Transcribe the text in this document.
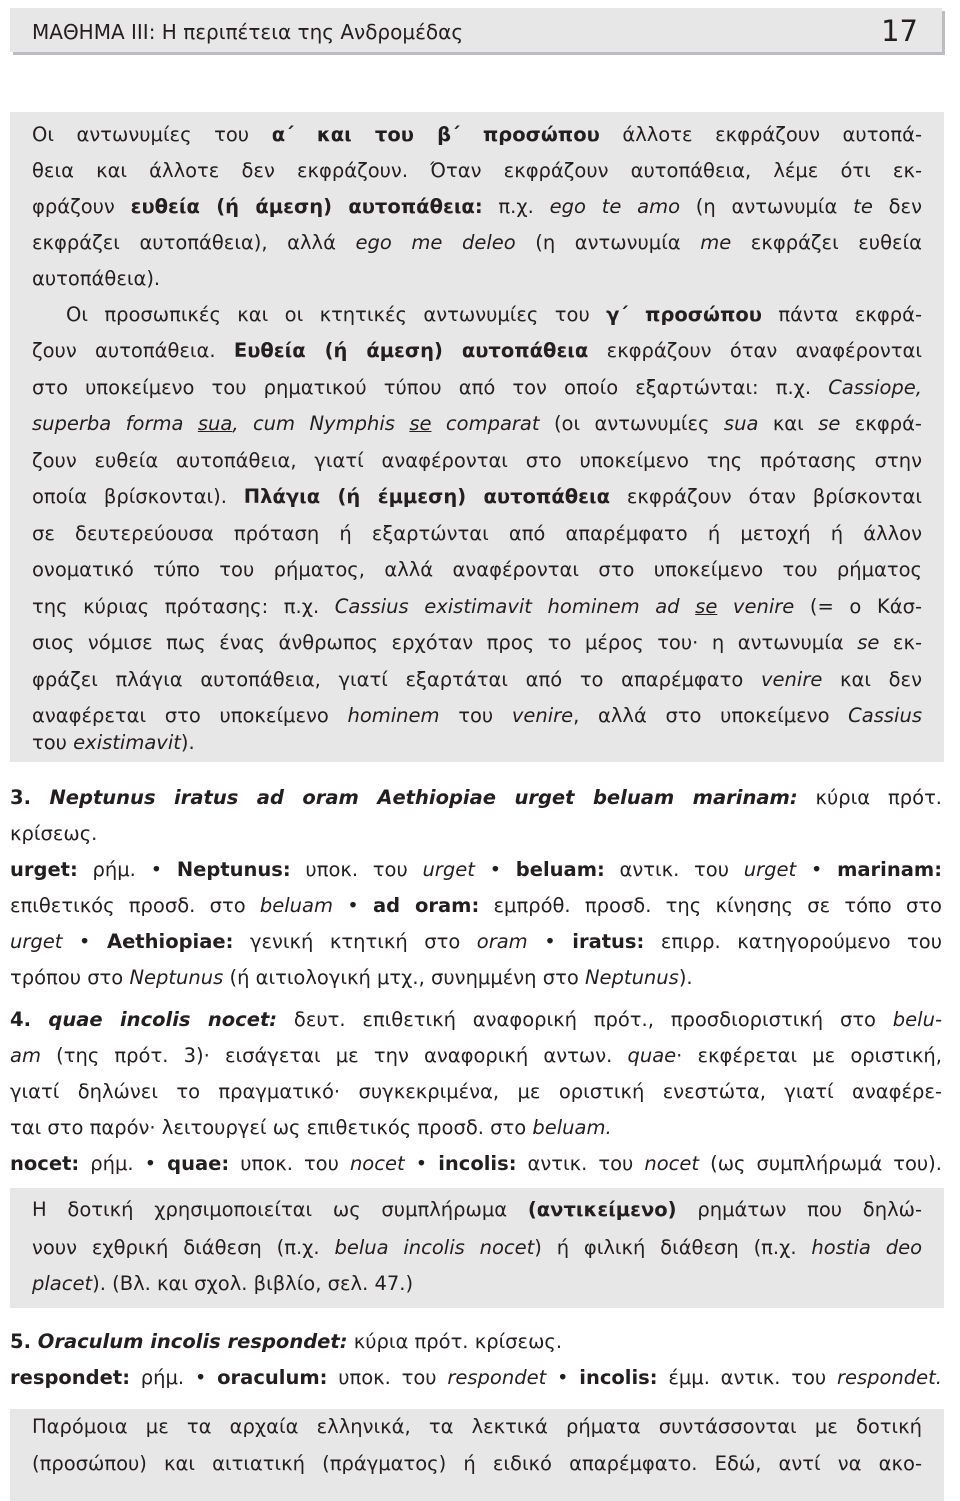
ΜΑΘΗΜΑ ΙΙΙ: Η περιπέτεια της Ανδρομέδας	17
Οι αντωνυμίες του α΄ και του β΄ προσώπου άλλοτε εκφράζουν αυτοπά-
θεια και άλλοτε δεν εκφράζουν. Όταν εκφράζουν αυτοπάθεια, λέμε ότι εκ-
φράζουν ευθεία (ή άμεση) αυτοπάθεια: π.χ. ego te amo (η αντωνυμία te δεν
εκφράζει αυτοπάθεια), αλλά ego me deleo (η αντωνυμία me εκφράζει ευθεία
αυτοπάθεια).
Οι προσωπικές και οι κτητικές αντωνυμίες του γ΄ προσώπου πάντα εκφρά-
ζουν αυτοπάθεια. Ευθεία (ή άμεση) αυτοπάθεια εκφράζουν όταν αναφέρονται
στο υποκείμενο του ρηματικού τύπου από τον οποίο εξαρτώνται: π.χ. Cassiope,
superba forma sua, cum Nymphis se comparat (οι αντωνυμίες sua και se εκφρά-
ζουν ευθεία αυτοπάθεια, γιατί αναφέρονται στο υποκείμενο της πρότασης στην
οποία βρίσκονται). Πλάγια (ή έμμεση) αυτοπάθεια εκφράζουν όταν βρίσκονται
σε δευτερεύουσα πρόταση ή εξαρτώνται από απαρέμφατο ή μετοχή ή άλλον
ονοματικό τύπο του ρήματος, αλλά αναφέρονται στο υποκείμενο του ρήματος
της κύριας πρότασης: π.χ. Cassius existimavit hominem ad se venire (= ο Κάσ-
σιος νόμισε πως ένας άνθρωπος ερχόταν προς το μέρος του· η αντωνυμία se εκ-
φράζει πλάγια αυτοπάθεια, γιατί εξαρτάται από το απαρέμφατο venire και δεν
αναφέρεται στο υποκείμενο hominem του venire, αλλά στο υποκείμενο Cassius
του existimavit).
3. Neptunus iratus ad oram Aethiopiae urget beluam marinam: κύρια πρότ.
κρίσεως.
urget: ρήμ. • Neptunus: υποκ. του urget • beluam: αντικ. του urget • marinam:
επιθετικός προσδ. στο beluam • ad oram: εμπρόθ. προσδ. της κίνησης σε τόπο στο
urget • Aethiopiae: γενική κτητική στο oram • iratus: επιρρ. κατηγορούμενο του
τρόπου στο Neptunus (ή αιτιολογική μτχ., συνημμένη στο Neptunus).
4. quae incolis nocet: δευτ. επιθετική αναφορική πρότ., προσδιοριστική στο belu-
am (της πρότ. 3)· εισάγεται με την αναφορική αντων. quae· εκφέρεται με οριστική,
γιατί δηλώνει το πραγματικό· συγκεκριμένα, με οριστική ενεστώτα, γιατί αναφέρε-
ται στο παρόν· λειτουργεί ως επιθετικός προσδ. στο beluam.
nocet: ρήμ. • quae: υποκ. του nocet • incolis: αντικ. του nocet (ως συμπλήρωμά του).
Η δοτική χρησιμοποιείται ως συμπλήρωμα (αντικείμενο) ρημάτων που δηλώ-
νουν εχθρική διάθεση (π.χ. belua incolis nocet) ή φιλική διάθεση (π.χ. hostia deo
placet). (Βλ. και σχολ. βιβλίο, σελ. 47.)
5. Oraculum incolis respondet: κύρια πρότ. κρίσεως.
respondet: ρήμ. • oraculum: υποκ. του respondet • incolis: έμμ. αντικ. του respondet.
Παρόμοια με τα αρχαία ελληνικά, τα λεκτικά ρήματα συντάσσονται με δοτική
(προσώπου) και αιτιατική (πράγματος) ή ειδικό απαρέμφατο. Εδώ, αντί να ακο-
